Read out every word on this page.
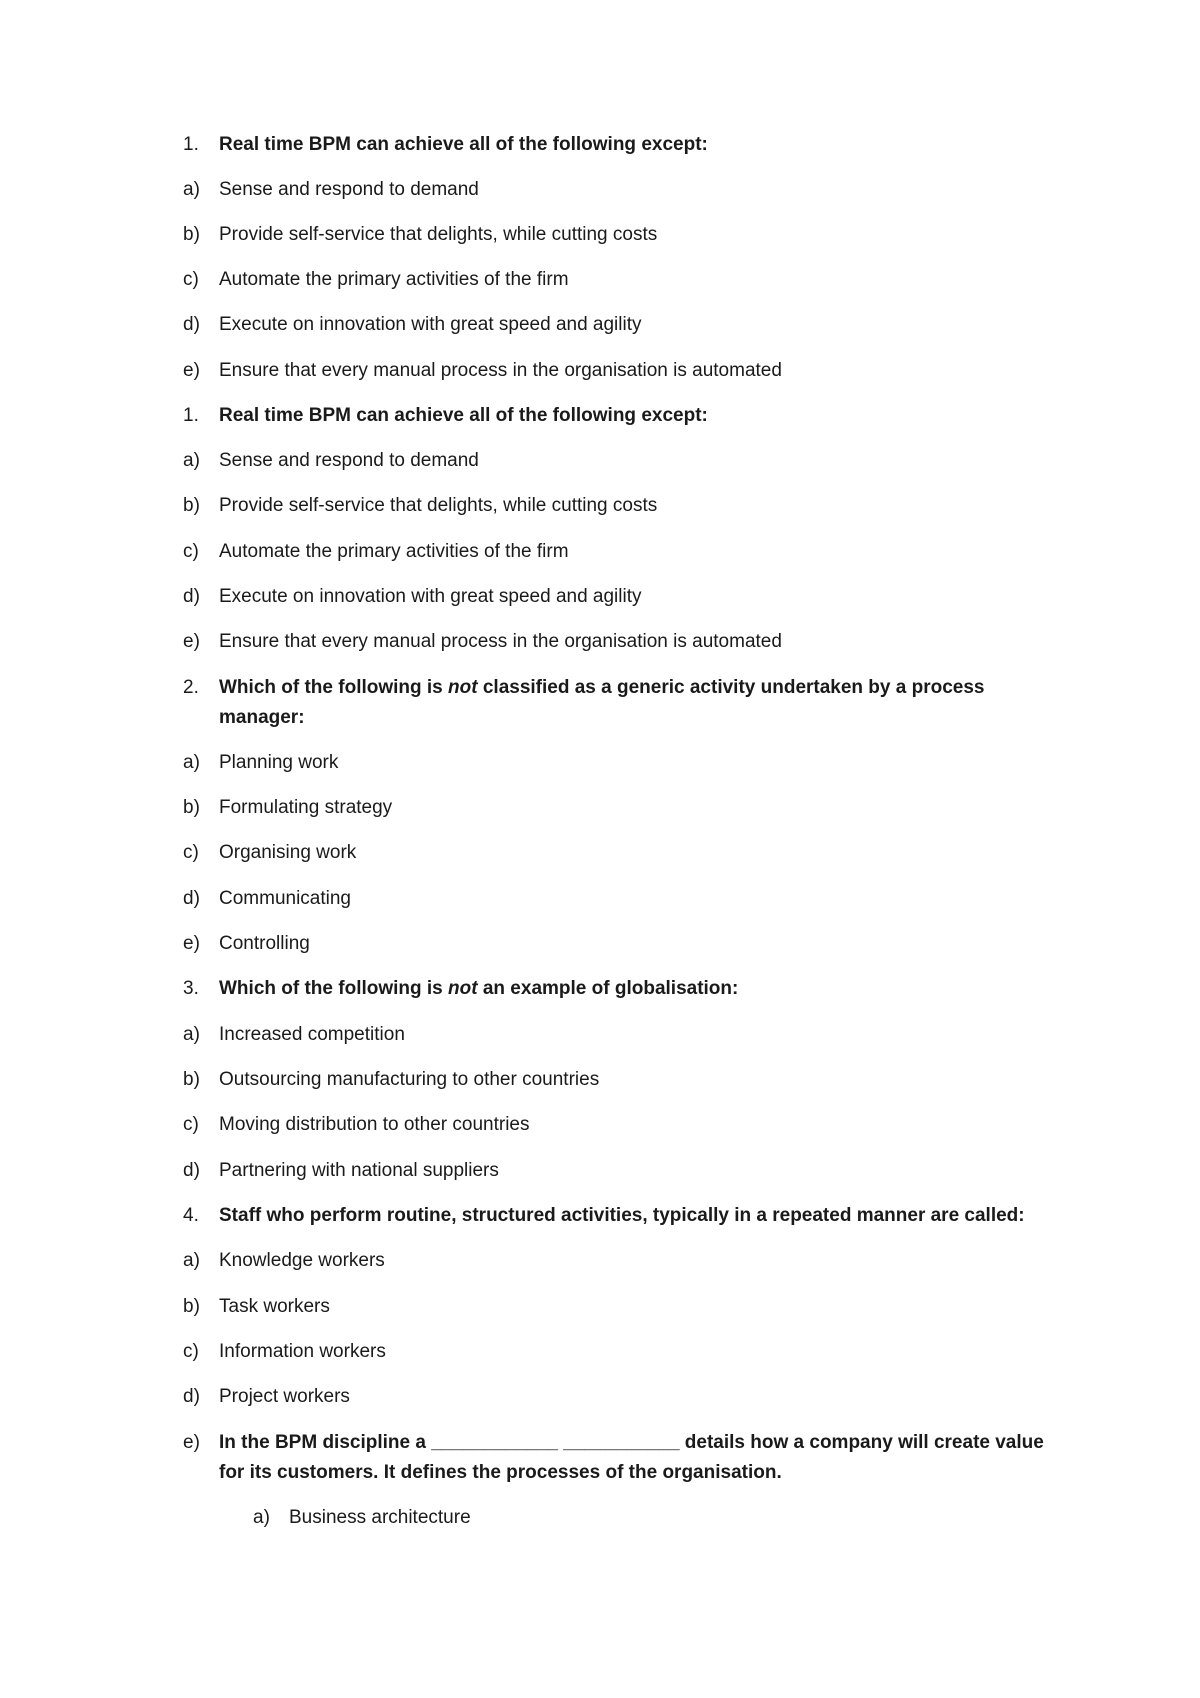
1.	Real time BPM can achieve all of the following except:
a)	Sense and respond to demand
b)	Provide self-service that delights, while cutting costs
c)	Automate the primary activities of the firm
d)	Execute on innovation with great speed and agility
e)	Ensure that every manual process in the organisation is automated
1.	Real time BPM can achieve all of the following except:
a)	Sense and respond to demand
b)	Provide self-service that delights, while cutting costs
c)	Automate the primary activities of the firm
d)	Execute on innovation with great speed and agility
e)	Ensure that every manual process in the organisation is automated
2.	Which of the following is not classified as a generic activity undertaken by a process manager:
a)	Planning work
b)	Formulating strategy
c)	Organising work
d)	Communicating
e)	Controlling
3.	Which of the following is not an example of globalisation:
a)	Increased competition
b)	Outsourcing manufacturing to other countries
c)	Moving distribution to other countries
d)	Partnering with national suppliers
4.	Staff who perform routine, structured activities, typically in a repeated manner are called:
a)	Knowledge workers
b)	Task workers
c)	Information workers
d)	Project workers
e)	In the BPM discipline a ____________ ___________ details how a company will create value for its customers. It defines the processes of the organisation.
a)	Business architecture
